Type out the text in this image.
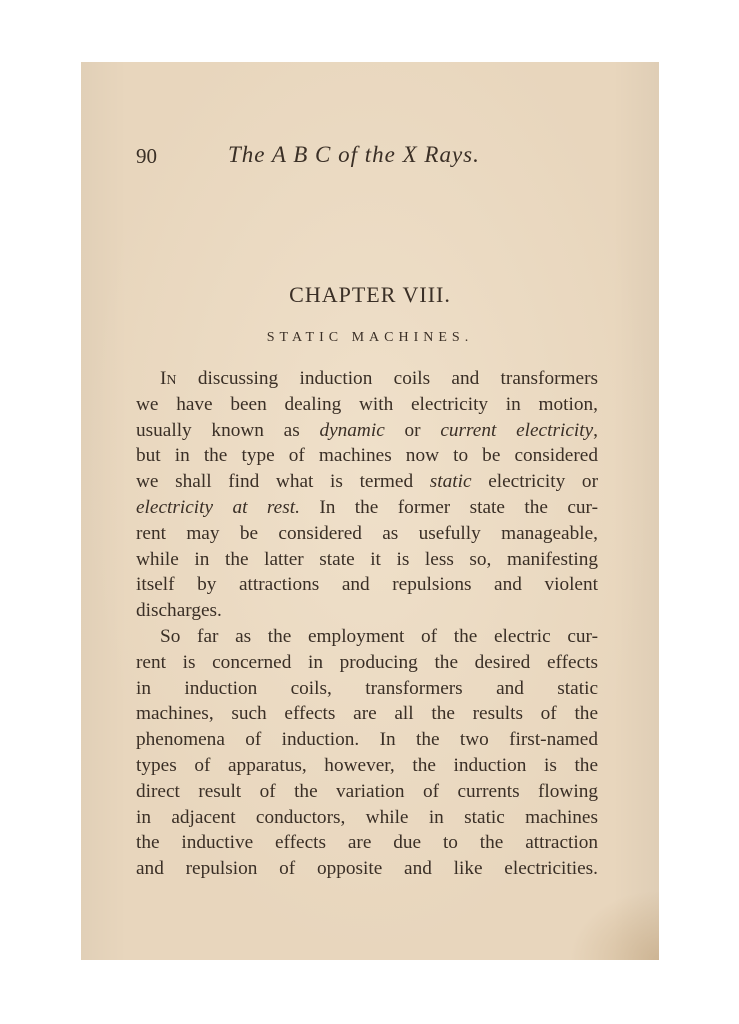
90	The A B C of the X Rays.
CHAPTER VIII.
STATIC MACHINES.
In discussing induction coils and transformers
we have been dealing with electricity in motion,
usually known as dynamic or current electricity,
but in the type of machines now to be considered
we shall find what is termed static electricity or
electricity at rest. In the former state the cur-
rent may be considered as usefully manageable,
while in the latter state it is less so, manifesting
itself by attractions and repulsions and violent
discharges.
So far as the employment of the electric cur-
rent is concerned in producing the desired effects
in induction coils, transformers and static
machines, such effects are all the results of the
phenomena of induction. In the two first-named
types of apparatus, however, the induction is the
direct result of the variation of currents flowing
in adjacent conductors, while in static machines
the inductive effects are due to the attraction
and repulsion of opposite and like electricities.
